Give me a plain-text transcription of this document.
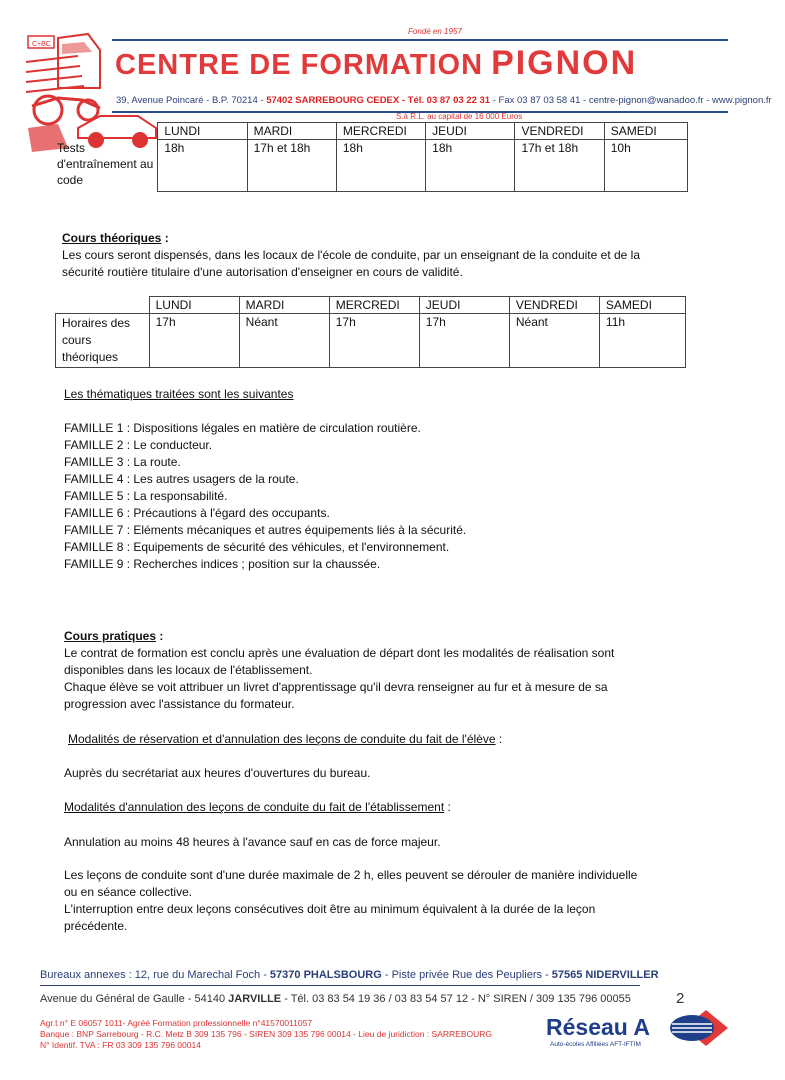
C+BC
Fondé en 1957
CENTRE DE FORMATION PIGNON
39, Avenue Poincaré - B.P. 70214 - 57402 SARREBOURG CEDEX - Tél. 03 87 03 22 31 - Fax 03 87 03 58 41 - centre-pignon@wanadoo.fr - www.pignon.fr
S.à R.L. au capital de 16 000 Euros
	LUNDI	MARDI	MERCREDI	JEUDI	VENDREDI	SAMEDI
Tests d'entraînement au code	18h	17h et 18h	18h	18h	17h et 18h	10h
Cours théoriques :
Les cours seront dispensés, dans les locaux de l'école de conduite, par un enseignant de la conduite et de la
sécurité routière titulaire d'une autorisation d'enseigner en cours de validité.
	LUNDI	MARDI	MERCREDI	JEUDI	VENDREDI	SAMEDI
Horaires des cours théoriques	17h	Néant	17h	17h	Néant	11h
Les thématiques traitées sont les suivantes
FAMILLE 1 : Dispositions légales en matière de circulation routière.
FAMILLE 2 : Le conducteur.
FAMILLE 3 : La route.
FAMILLE 4 : Les autres usagers de la route.
FAMILLE 5 : La responsabilité.
FAMILLE 6 : Précautions à l'égard des occupants.
FAMILLE 7 : Eléments mécaniques et autres équipements liés à la sécurité.
FAMILLE 8 : Equipements de sécurité des véhicules, et l'environnement.
FAMILLE 9 : Recherches indices ; position sur la chaussée.
Cours pratiques :
Le contrat de formation est conclu après une évaluation de départ dont les modalités de réalisation sont
disponibles dans les locaux de l'établissement.
Chaque élève se voit attribuer un livret d'apprentissage qu'il devra renseigner au fur et à mesure de sa
progression avec l'assistance du formateur.
Modalités de réservation et d'annulation des leçons de conduite du fait de l'élève :
Auprès du secrétariat aux heures d'ouvertures du bureau.
Modalités d'annulation des leçons de conduite du fait de l'établissement :
Annulation au moins 48 heures à l'avance sauf en cas de force majeur.
Les leçons de conduite sont d'une durée maximale de 2 h, elles peuvent se dérouler de manière individuelle
ou en séance collective.
L'interruption entre deux leçons consécutives doit être au minimum équivalent à la durée de la leçon
précédente.
Bureaux annexes : 12, rue du Marechal Foch - 57370 PHALSBOURG - Piste privée Rue des Peupliers - 57565 NIDERVILLER
Avenue du Général de Gaulle - 54140 JARVILLE - Tél. 03 83 54 19 36 / 03 83 54 57 12 - N° SIREN / 309 135 796 00055	2
Agr.t n° E 06057 1011- Agréé Formation professionnelle n°41570011057
Banque : BNP Sarrebourg - R.C. Metz B 309 135 796 - SIREN 309 135 796 00014 - Lieu de juridiction : SARREBOURG
N° Identif. TVA : FR 03 309 135 796 00014
Réseau A
Auto-écoles Affiliées AFT-IFTIM
